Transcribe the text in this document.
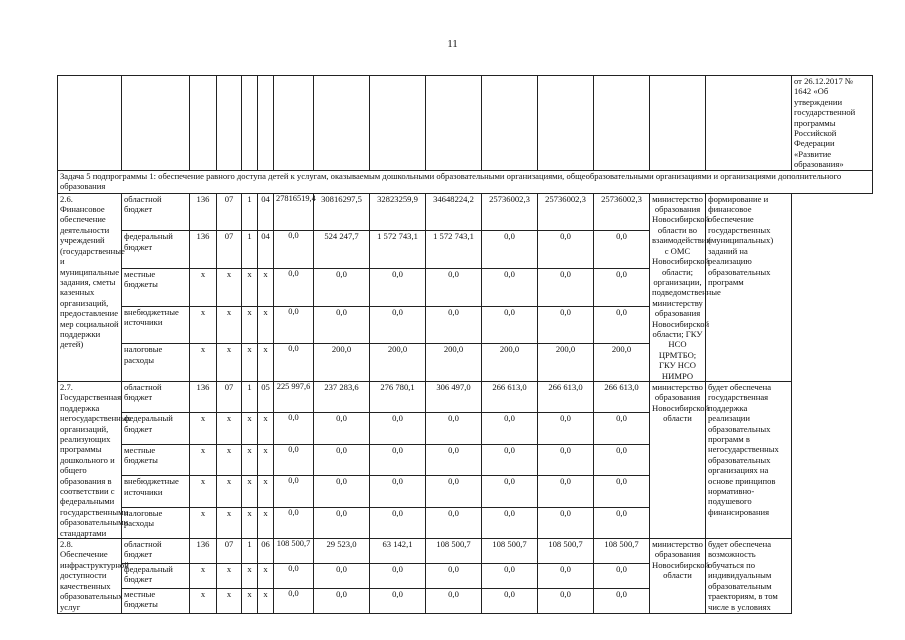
11
															от 26.12.2017 № 1642 «Об утверждении государственной программы Российской Федерации «Развитие образования»
Задача 5 подпрограммы 1: обеспечение равного доступа детей к услугам, оказываемым дошкольными образовательными организациями, общеобразовательными организациями и организациями дополнительного образования															
2.6. Финансовое обеспечение деятельности учреждений (государственные и муниципальные задания, сметы казенных организаций, предоставление мер социальной поддержки детей)	областной бюджет	136	07	1	04	27816519,4	30816297,5	32823259,9	34648224,2	25736002,3	25736002,3	25736002,3	министерство образования Новосибирской области во взаимодействии с ОМС Новосибирской области; организации, подведомственные министерству образования Новосибирской области; ГКУ НСО ЦРМТБО; ГКУ НСО НИМРО	формирование и финансовое обеспечение государственных (муниципальных) заданий на реализацию образовательных программ	
	федеральный бюджет	136	07	1	04	0,0	524 247,7	1 572 743,1	1 572 743,1	0,0	0,0	0,0			
	местные бюджеты	x	x	x	x	0,0	0,0	0,0	0,0	0,0	0,0	0,0			
	внебюджетные источники	x	x	x	x	0,0	0,0	0,0	0,0	0,0	0,0	0,0			
	налоговые расходы	x	x	x	x	0,0	200,0	200,0	200,0	200,0	200,0	200,0			
2.7. Государственная поддержка негосударственных организаций, реализующих программы дошкольного и общего образования в соответствии с федеральными государственными образовательными стандартами	областной бюджет	136	07	1	05	225 997,6	237 283,6	276 780,1	306 497,0	266 613,0	266 613,0	266 613,0	министерство образования Новосибирской области	будет обеспечена государственная поддержка реализации образовательных программ в негосударственных образовательных организациях на основе принципов нормативно-подушевого финансирования	
	федеральный бюджет	x	x	x	x	0,0	0,0	0,0	0,0	0,0	0,0	0,0			
	местные бюджеты	x	x	x	x	0,0	0,0	0,0	0,0	0,0	0,0	0,0			
	внебюджетные источники	x	x	x	x	0,0	0,0	0,0	0,0	0,0	0,0	0,0			
	налоговые расходы	x	x	x	x	0,0	0,0	0,0	0,0	0,0	0,0	0,0			
2.8. Обеспечение инфраструктурной доступности качественных образовательных услуг	областной бюджет	136	07	1	06	108 500,7	29 523,0	63 142,1	108 500,7	108 500,7	108 500,7	108 500,7	министерство образования Новосибирской области	будет обеспечена возможность обучаться по индивидуальным образовательным траекториям, в том числе в условиях	
	федеральный бюджет	x	x	x	x	0,0	0,0	0,0	0,0	0,0	0,0	0,0			
	местные бюджеты	x	x	x	x	0,0	0,0	0,0	0,0	0,0	0,0	0,0			
